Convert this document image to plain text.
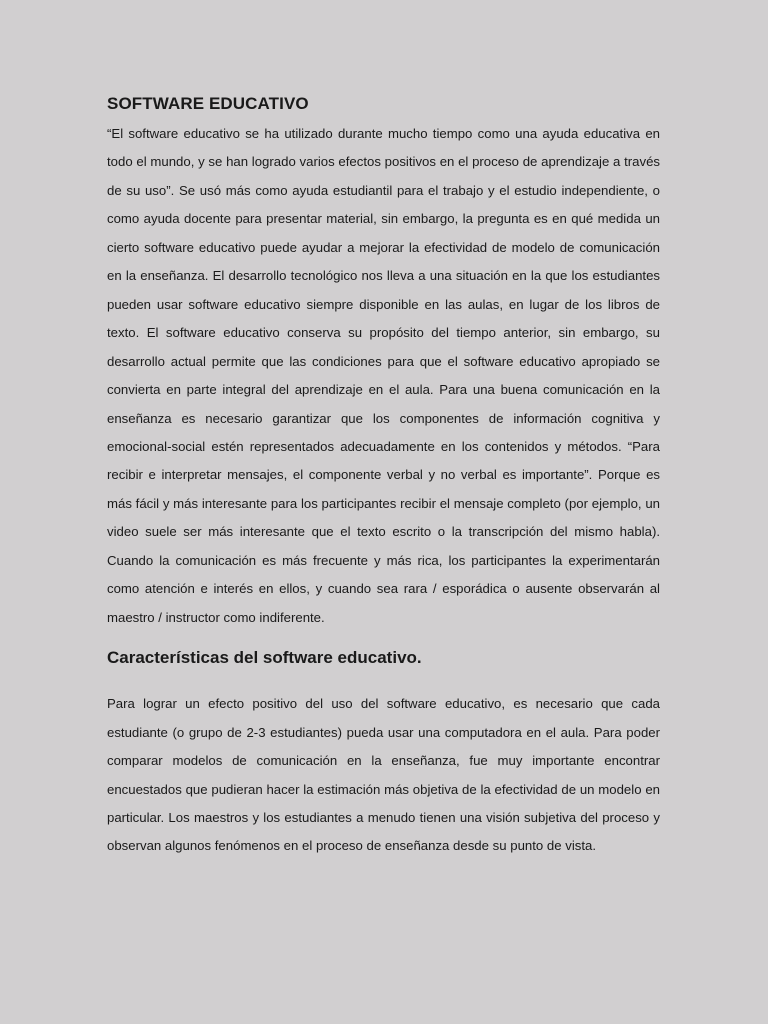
SOFTWARE EDUCATIVO

“El software educativo se ha utilizado durante mucho tiempo como una ayuda educativa en todo el mundo, y se han logrado varios efectos positivos en el proceso de aprendizaje a través de su uso”. Se usó más como ayuda estudiantil para el trabajo y el estudio independiente, o como ayuda docente para presentar material, sin embargo, la pregunta es en qué medida un cierto software educativo puede ayudar a mejorar la efectividad de modelo de comunicación en la enseñanza. El desarrollo tecnológico nos lleva a una situación en la que los estudiantes pueden usar software educativo siempre disponible en las aulas, en lugar de los libros de texto. El software educativo conserva su propósito del tiempo anterior, sin embargo, su desarrollo actual permite que las condiciones para que el software educativo apropiado se convierta en parte integral del aprendizaje en el aula. Para una buena comunicación en la enseñanza es necesario garantizar que los componentes de información cognitiva y emocional-social estén representados adecuadamente en los contenidos y métodos. “Para recibir e interpretar mensajes, el componente verbal y no verbal es importante”. Porque es más fácil y más interesante para los participantes recibir el mensaje completo (por ejemplo, un video suele ser más interesante que el texto escrito o la transcripción del mismo habla). Cuando la comunicación es más frecuente y más rica, los participantes la experimentarán como atención e interés en ellos, y cuando sea rara / esporádica o ausente observarán al maestro / instructor como indiferente.

Características del software educativo.

Para lograr un efecto positivo del uso del software educativo, es necesario que cada estudiante (o grupo de 2-3 estudiantes) pueda usar una computadora en el aula. Para poder comparar modelos de comunicación en la enseñanza, fue muy importante encontrar encuestados que pudieran hacer la estimación más objetiva de la efectividad de un modelo en particular. Los maestros y los estudiantes a menudo tienen una visión subjetiva del proceso y observan algunos fenómenos en el proceso de enseñanza desde su punto de vista.
